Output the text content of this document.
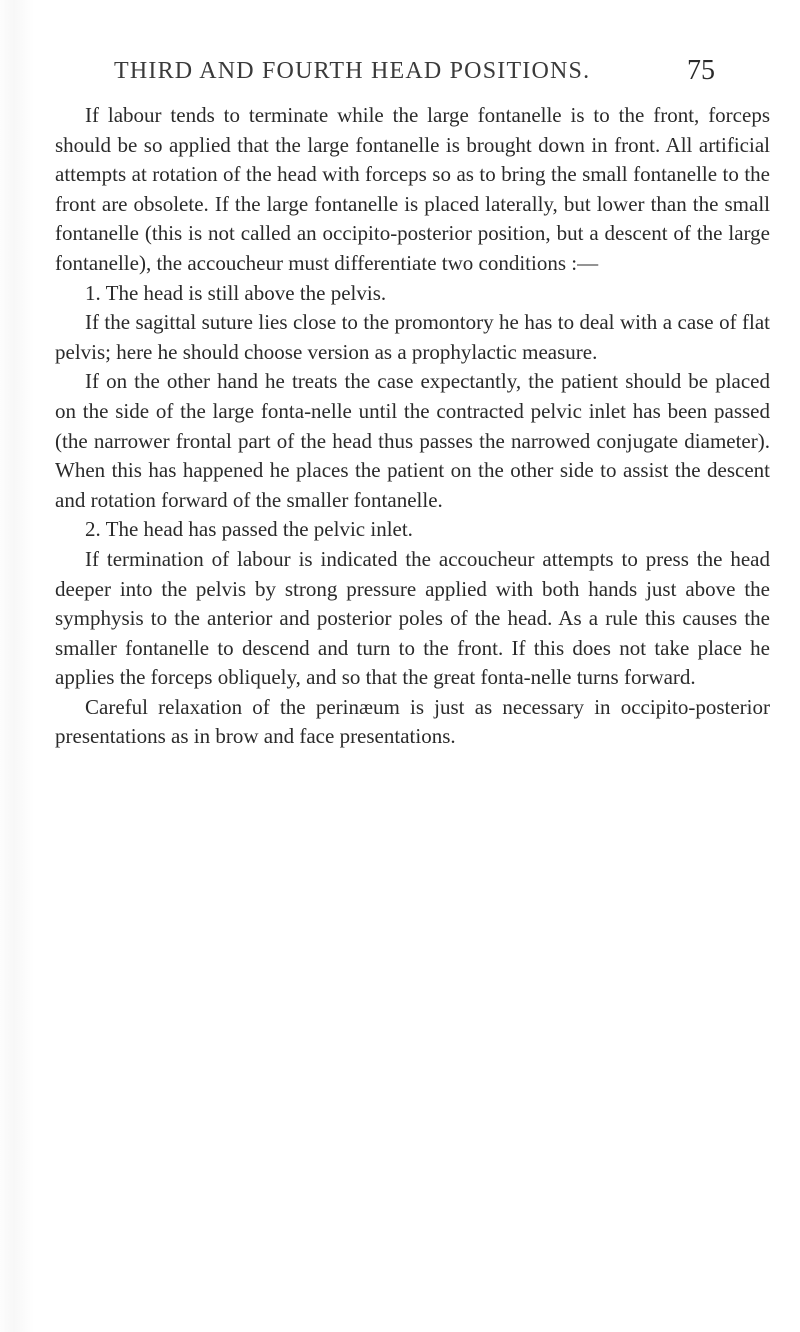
THIRD AND FOURTH HEAD POSITIONS.	75

If labour tends to terminate while the large fontanelle is to the front, forceps should be so applied that the large fontanelle is brought down in front. All artificial attempts at rotation of the head with forceps so as to bring the small fontanelle to the front are obsolete. If the large fontanelle is placed laterally, but lower than the small fontanelle (this is not called an occipito-posterior position, but a descent of the large fontanelle), the accoucheur must differentiate two conditions :—

1. The head is still above the pelvis.

If the sagittal suture lies close to the promontory he has to deal with a case of flat pelvis; here he should choose version as a prophylactic measure.

If on the other hand he treats the case expectantly, the patient should be placed on the side of the large fonta-nelle until the contracted pelvic inlet has been passed (the narrower frontal part of the head thus passes the narrowed conjugate diameter). When this has happened he places the patient on the other side to assist the descent and rotation forward of the smaller fontanelle.

2. The head has passed the pelvic inlet.

If termination of labour is indicated the accoucheur attempts to press the head deeper into the pelvis by strong pressure applied with both hands just above the symphysis to the anterior and posterior poles of the head. As a rule this causes the smaller fontanelle to descend and turn to the front. If this does not take place he applies the forceps obliquely, and so that the great fonta-nelle turns forward.

Careful relaxation of the perinæum is just as necessary in occipito-posterior presentations as in brow and face presentations.
